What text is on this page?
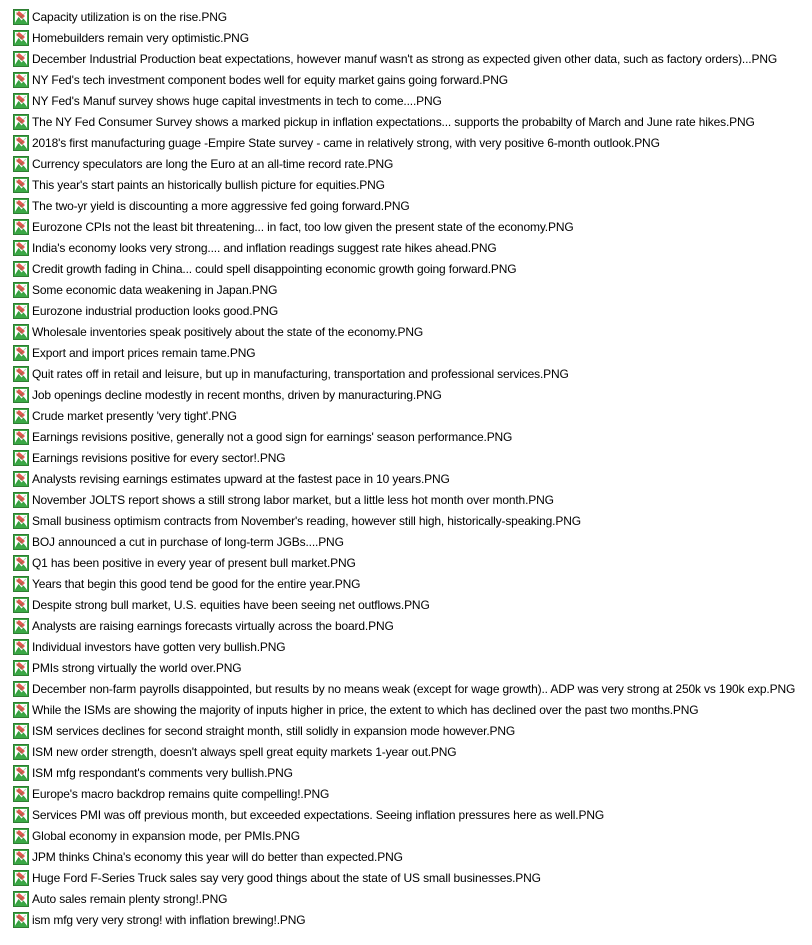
Capacity utilization is on the rise.PNG
Homebuilders remain very optimistic.PNG
December Industrial Production beat expectations, however manuf wasn't as strong as expected given other data, such as factory orders)...PNG
NY Fed's tech investment component bodes well for equity market gains going forward.PNG
NY Fed's Manuf survey shows huge capital investments in tech to come....PNG
The NY Fed Consumer Survey shows a marked pickup in inflation expectations... supports the probabilty of March and June rate hikes.PNG
2018's first manufacturing guage -Empire State survey - came in relatively strong, with very positive 6-month outlook.PNG
Currency speculators are long the Euro at an all-time record rate.PNG
This year's start paints an historically bullish picture for equities.PNG
The two-yr yield is discounting a more aggressive fed going forward.PNG
Eurozone CPIs not the least bit threatening... in fact, too low given the present state of the economy.PNG
India's economy looks very strong.... and inflation readings suggest rate hikes ahead.PNG
Credit growth fading in China... could spell disappointing economic growth going forward.PNG
Some economic data weakening in Japan.PNG
Eurozone industrial production looks good.PNG
Wholesale inventories speak positively about the state of the economy.PNG
Export and import prices remain tame.PNG
Quit rates off in retail and leisure, but up in manufacturing, transportation and professional services.PNG
Job openings decline modestly in recent months, driven by manuracturing.PNG
Crude market presently 'very tight'.PNG
Earnings revisions positive, generally not a good sign for earnings' season performance.PNG
Earnings revisions positive for every sector!.PNG
Analysts revising earnings estimates upward at the fastest pace in 10 years.PNG
November JOLTS report shows a still strong labor market, but a little less hot month over month.PNG
Small business optimism contracts from November's reading, however still high, historically-speaking.PNG
BOJ announced a cut in purchase of long-term JGBs....PNG
Q1 has been positive in every year of present bull market.PNG
Years that begin this good tend be good for the entire year.PNG
Despite strong bull market, U.S. equities have been seeing net outflows.PNG
Analysts are raising earnings forecasts virtually across the board.PNG
Individual investors have gotten very bullish.PNG
PMIs strong virtually the world over.PNG
December non-farm payrolls disappointed, but results by no means weak (except for wage growth).. ADP was very strong at 250k vs 190k exp.PNG
While the ISMs are showing the majority of inputs higher in price, the extent to which has declined over the past two months.PNG
ISM services declines for second straight month, still solidly in expansion mode however.PNG
ISM new order strength, doesn't always spell great equity markets 1-year out.PNG
ISM mfg respondant's comments very bullish.PNG
Europe's macro backdrop remains quite compelling!.PNG
Services PMI was off previous month, but exceeded expectations. Seeing inflation pressures here as well.PNG
Global economy in expansion mode, per PMIs.PNG
JPM thinks China's economy this year will do better than expected.PNG
Huge Ford F-Series Truck sales say very good things about the state of US small businesses.PNG
Auto sales remain plenty strong!.PNG
ism mfg very very strong! with inflation brewing!.PNG
